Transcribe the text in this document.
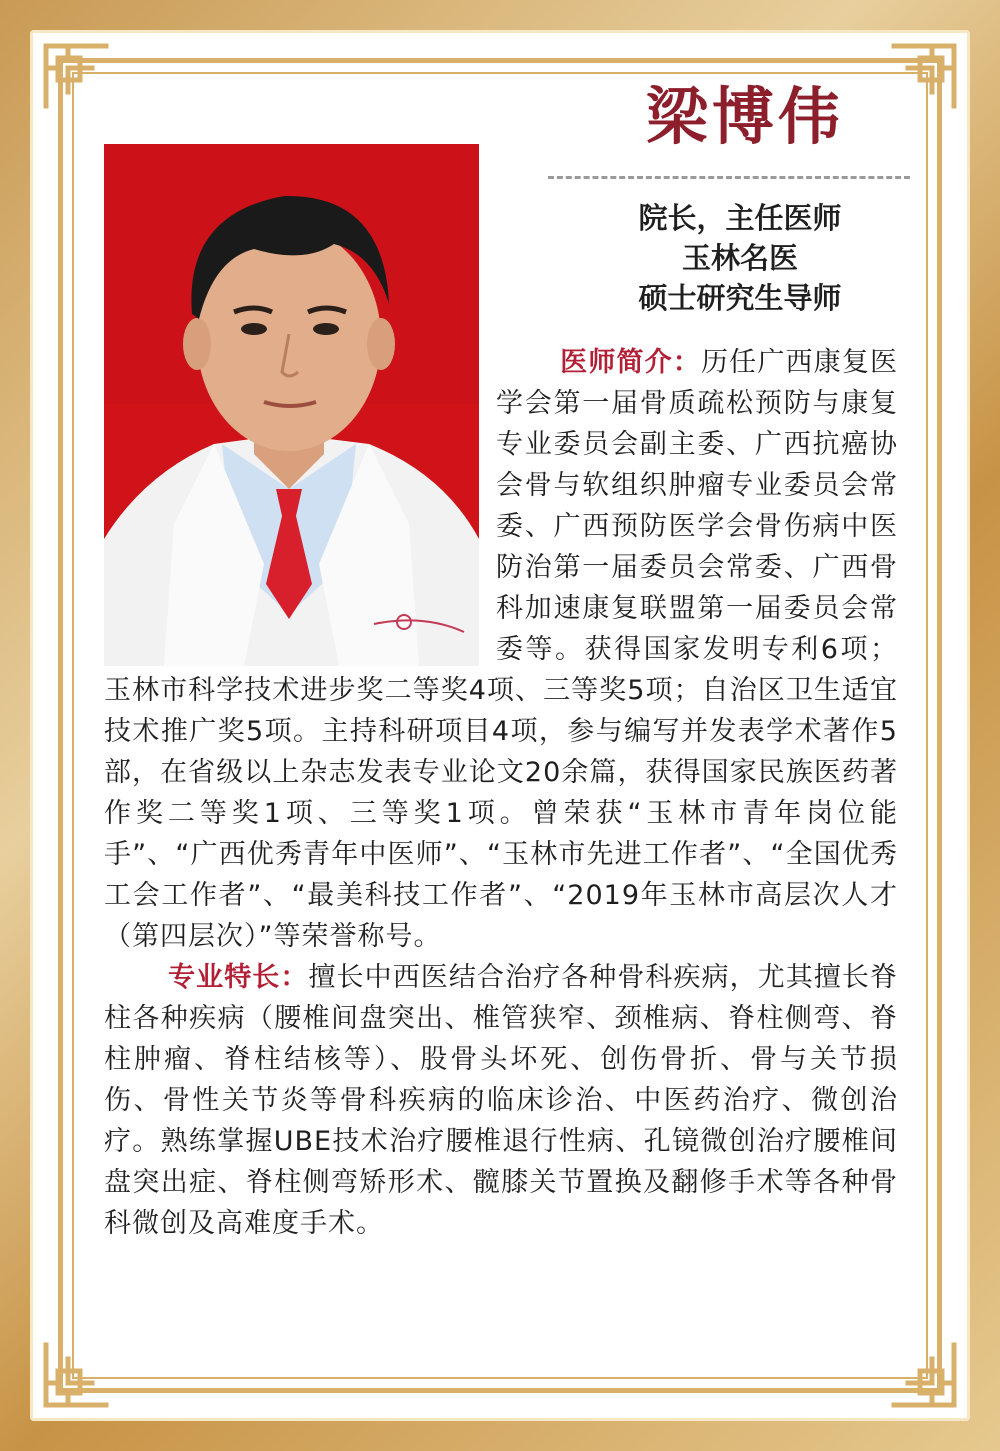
梁博伟
院长，主任医师
玉林名医
硕士研究生导师

医师简介：历任广西康复医学会第一届骨质疏松预防与康复专业委员会副主委、广西抗癌协会骨与软组织肿瘤专业委员会常委、广西预防医学会骨伤病中医防治第一届委员会常委、广西骨科加速康复联盟第一届委员会常委等。获得国家发明专利6项；玉林市科学技术进步奖二等奖4项、三等奖5项；自治区卫生适宜技术推广奖5项。主持科研项目4项，参与编写并发表学术著作5部，在省级以上杂志发表专业论文20余篇，获得国家民族医药著作奖二等奖1项、三等奖1项。曾荣获“玉林市青年岗位能手”、“广西优秀青年中医师”、“玉林市先进工作者”、“全国优秀工会工作者”、“最美科技工作者”、“2019年玉林市高层次人才（第四层次）”等荣誉称号。

专业特长：擅长中西医结合治疗各种骨科疾病，尤其擅长脊柱各种疾病（腰椎间盘突出、椎管狭窄、颈椎病、脊柱侧弯、脊柱肿瘤、脊柱结核等）、股骨头坏死、创伤骨折、骨与关节损伤、骨性关节炎等骨科疾病的临床诊治、中医药治疗、微创治疗。熟练掌握UBE技术治疗腰椎退行性病、孔镜微创治疗腰椎间盘突出症、脊柱侧弯矫形术、髋膝关节置换及翻修手术等各种骨科微创及高难度手术。
